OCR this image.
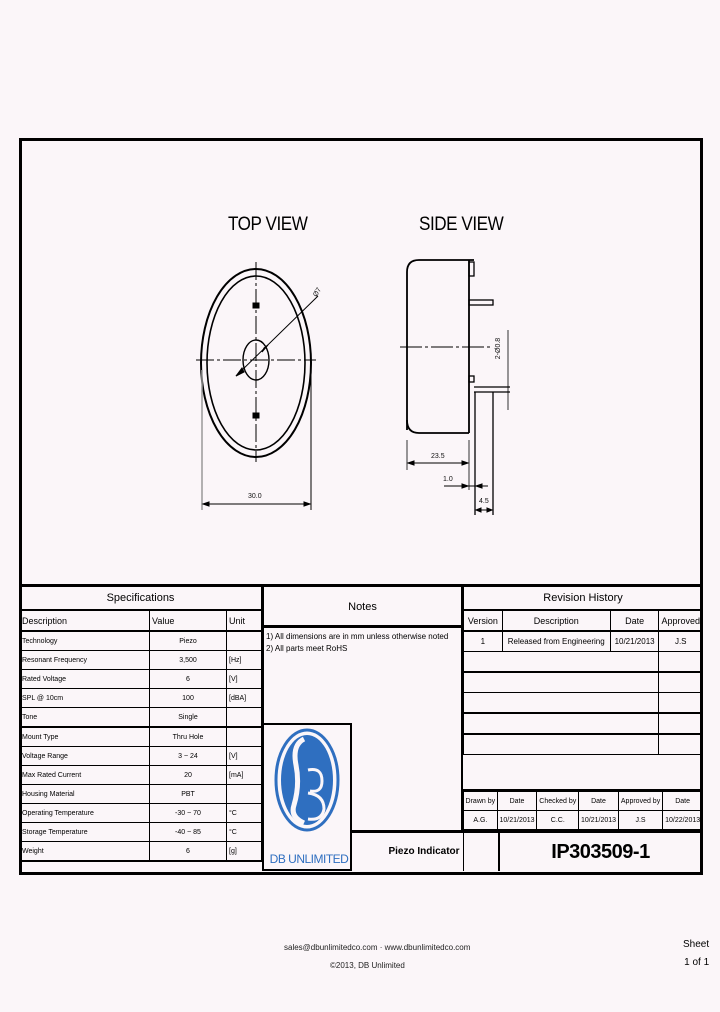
TOP VIEW	SIDE VIEW
30.0
Ø7
23.5
1.0
4.5
2-Ø0.8
Specifications		
Description	Value	Unit
Technology	Piezo	
Resonant Frequency	3,500	[Hz]
Rated Voltage	6	[V]
SPL @ 10cm	100	[dBA]
Tone	Single	
Mount Type	Thru Hole	
Voltage Range	3 ~ 24	[V]
Max Rated Current	20	[mA]
Housing Material	PBT	
Operating Temperature	-30 ~ 70	°C
Storage Temperature	-40 ~ 85	°C
Weight	6	[g]
Notes
1) All dimensions are in mm unless otherwise noted
2) All parts meet RoHS
DB UNLIMITED
Piezo Indicator
Revision History			
Version	Description	Date	Approved
1	Released from Engineering	10/21/2013	J.S

Drawn by	Date	Checked by	Date	Approved by	Date
A.G.	10/21/2013	C.C.	10/21/2013	J.S	10/22/2013
IP303509-1
sales@dbunlimitedco.com · www.dbunlimitedco.com
©2013, DB Unlimited
Sheet
1 of 1
